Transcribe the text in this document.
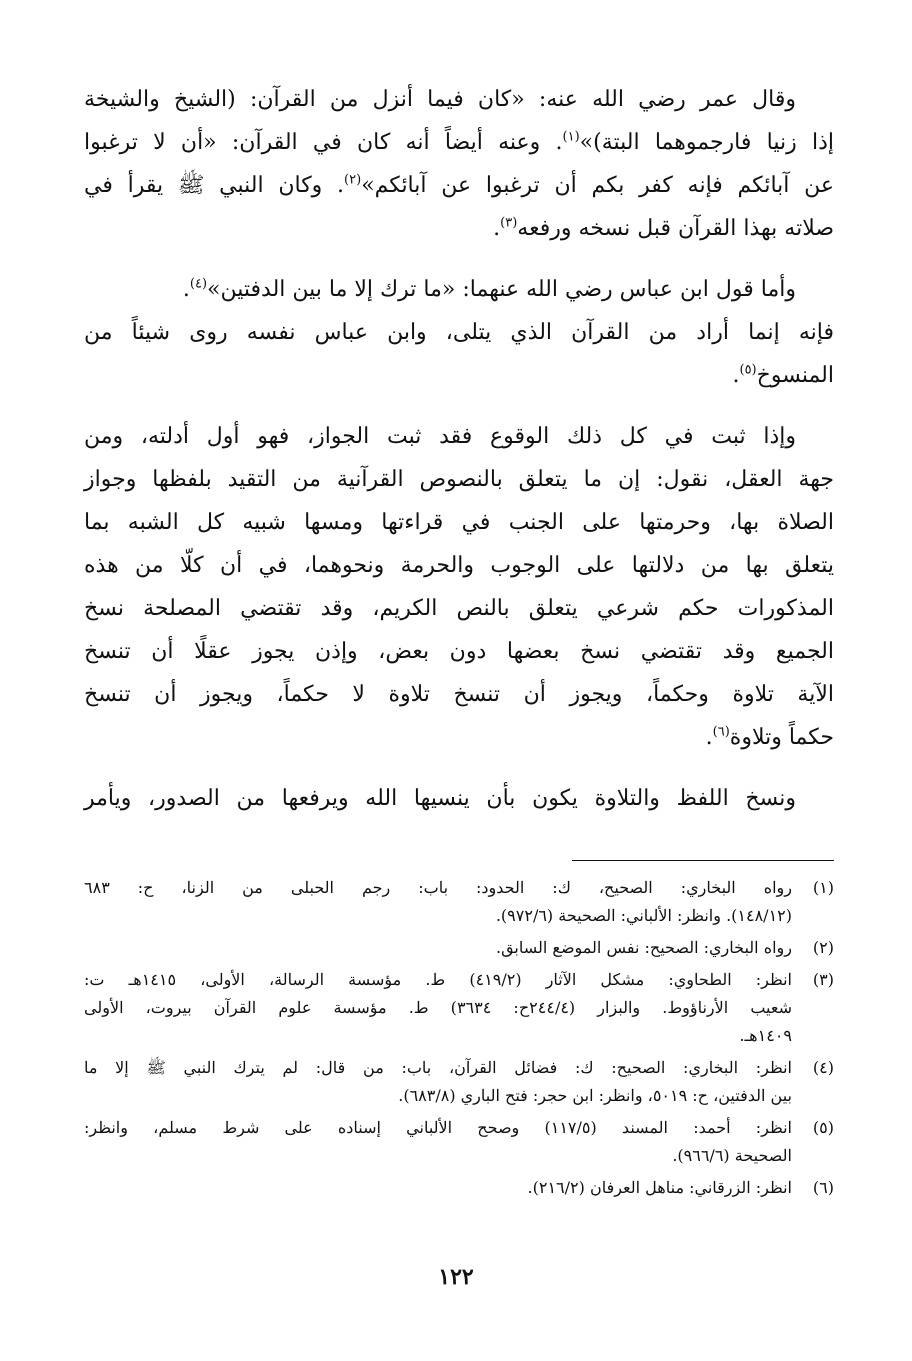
وقال عمر رضي الله عنه: «كان فيما أنزل من القرآن: (الشيخ والشيخة
إذا زنيا فارجموهما البتة)»$^{(١)}$. وعنه أيضاً أنه كان في القرآن: «أن لا ترغبوا
عن آبائكم فإنه كفر بكم أن ترغبوا عن آبائكم»$^{(٢)}$. وكان النبي ﷺ يقرأ في
صلاته بهذا القرآن قبل نسخه ورفعه$^{(٣)}$.

وأما قول ابن عباس رضي الله عنهما: «ما ترك إلا ما بين الدفتين»$^{(٤)}$.
فإنه إنما أراد من القرآن الذي يتلى، وابن عباس نفسه روى شيئاً من
المنسوخ$^{(٥)}$.

وإذا ثبت في كل ذلك الوقوع فقد ثبت الجواز، فهو أول أدلته، ومن
جهة العقل، نقول: إن ما يتعلق بالنصوص القرآنية من التقيد بلفظها وجواز
الصلاة بها، وحرمتها على الجنب في قراءتها ومسها شبيه كل الشبه بما
يتعلق بها من دلالتها على الوجوب والحرمة ونحوهما، في أن كلّا من هذه
المذكورات حكم شرعي يتعلق بالنص الكريم، وقد تقتضي المصلحة نسخ
الجميع وقد تقتضي نسخ بعضها دون بعض، وإذن يجوز عقلًا أن تنسخ
الآية تلاوة وحكماً، ويجوز أن تنسخ تلاوة لا حكماً، ويجوز أن تنسخ
حكماً وتلاوة$^{(٦)}$.

ونسخ اللفظ والتلاوة يكون بأن ينسيها الله ويرفعها من الصدور، ويأمر

(١)
رواه البخاري: الصحيح، ك: الحدود: باب: رجم الحبلى من الزنا، ح: ٦٨٣
(١٤٨/١٢). وانظر: الألباني: الصحيحة (٩٧٢/٦).
(٢)
رواه البخاري: الصحيح: نفس الموضع السابق.
(٣)
انظر: الطحاوي: مشكل الآثار (٤١٩/٢) ط. مؤسسة الرسالة، الأولى، ١٤١٥هـ ت:
شعيب الأرناؤوط. والبزار (٢٤٤/٤ح: ٣٦٣٤) ط. مؤسسة علوم القرآن بيروت، الأولى
١٤٠٩هـ.
(٤)
انظر: البخاري: الصحيح: ك: فضائل القرآن، باب: من قال: لم يترك النبي ﷺ إلا ما
بين الدفتين، ح: ٥٠١٩، وانظر: ابن حجر: فتح الباري (٦٨٣/٨).
(٥)
انظر: أحمد: المسند (١١٧/٥) وصحح الألباني إسناده على شرط مسلم، وانظر:
الصحيحة (٩٦٦/٦).
(٦)
انظر: الزرقاني: مناهل العرفان (٢١٦/٢).
١٢٢
